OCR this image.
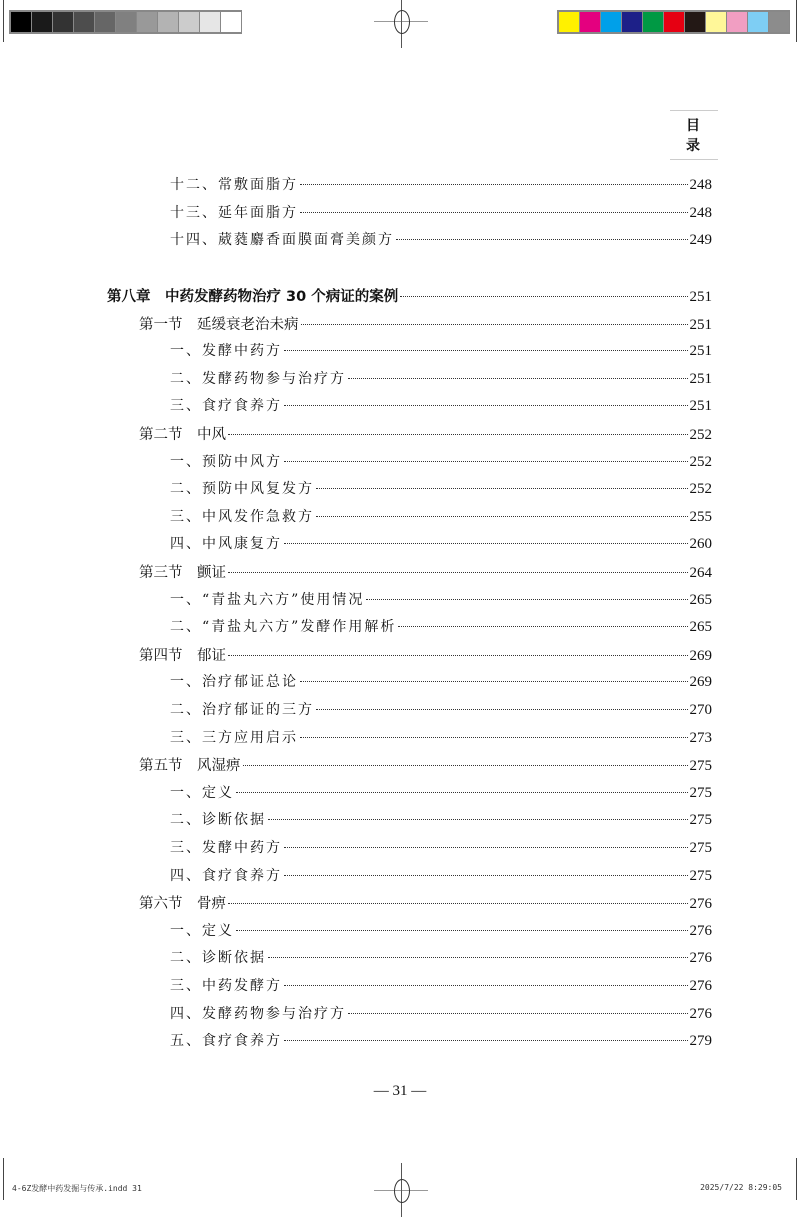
目 录
十二、常敷面脂方	248
十三、延年面脂方	248
十四、葳蕤麝香面膜面膏美颜方	249
第八章　中药发酵药物治疗 30 个病证的案例	251
第一节　延缓衰老治未病	251
一、发酵中药方	251
二、发酵药物参与治疗方	251
三、食疗食养方	251
第二节　中风	252
一、预防中风方	252
二、预防中风复发方	252
三、中风发作急救方	255
四、中风康复方	260
第三节　颤证	264
一、“青盐丸六方”使用情况	265
二、“青盐丸六方”发酵作用解析	265
第四节　郁证	269
一、治疗郁证总论	269
二、治疗郁证的三方	270
三、三方应用启示	273
第五节　风湿痹	275
一、定义	275
二、诊断依据	275
三、发酵中药方	275
四、食疗食养方	275
第六节　骨痹	276
一、定义	276
二、诊断依据	276
三、中药发酵方	276
四、发酵药物参与治疗方	276
五、食疗食养方	279
— 31 —
4-6Z发酵中药发掘与传承.indd 31	2025/7/22 8:29:05
